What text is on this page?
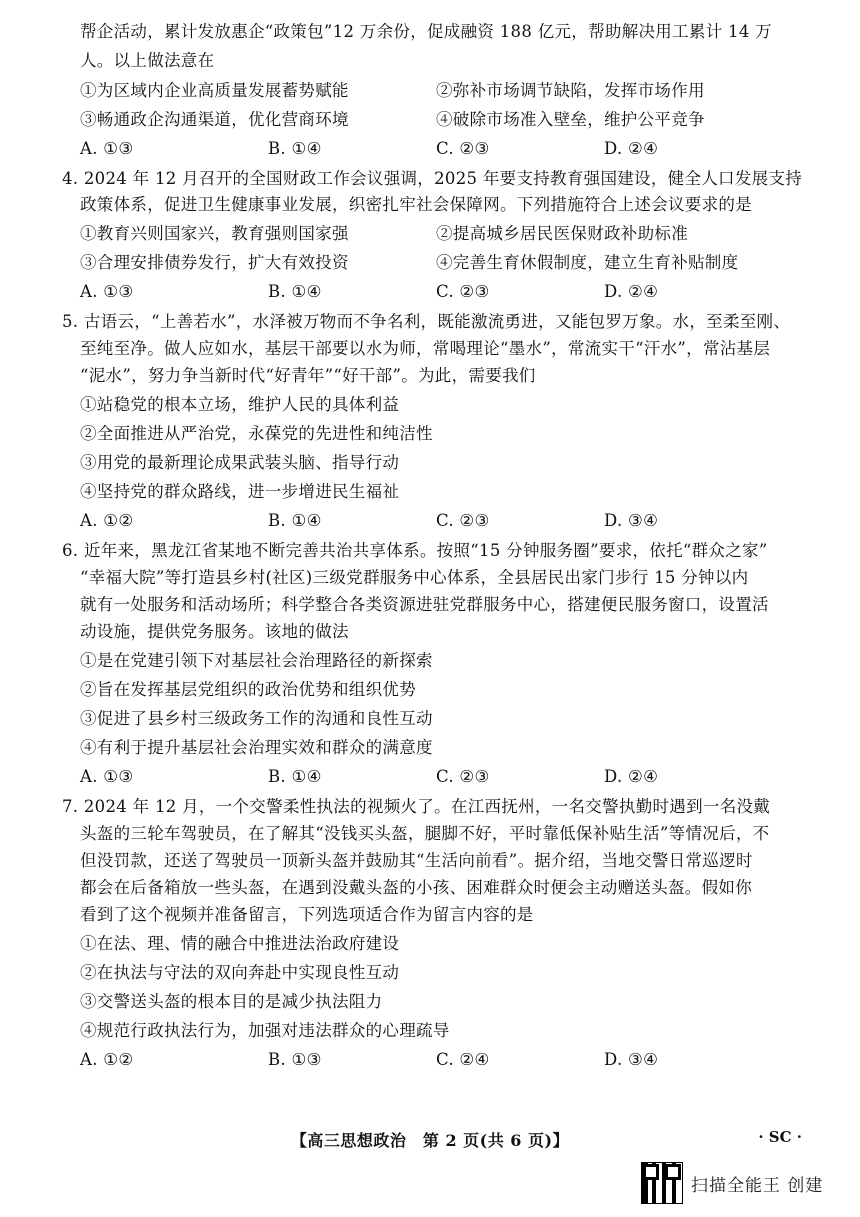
帮企活动，累计发放惠企“政策包”12 万余份，促成融资 188 亿元，帮助解决用工累计 14 万
人。以上做法意在
①为区域内企业高质量发展蓄势赋能	②弥补市场调节缺陷，发挥市场作用
③畅通政企沟通渠道，优化营商环境	④破除市场准入壁垒，维护公平竞争
A. ①③	B. ①④	C. ②③	D. ②④
4. 2024 年 12 月召开的全国财政工作会议强调，2025 年要支持教育强国建设，健全人口发展支持
政策体系，促进卫生健康事业发展，织密扎牢社会保障网。下列措施符合上述会议要求的是
①教育兴则国家兴，教育强则国家强	②提高城乡居民医保财政补助标准
③合理安排债券发行，扩大有效投资	④完善生育休假制度，建立生育补贴制度
A. ①③	B. ①④	C. ②③	D. ②④
5. 古语云，“上善若水”，水泽被万物而不争名利，既能激流勇进，又能包罗万象。水，至柔至刚、
至纯至净。做人应如水，基层干部要以水为师，常喝理论“墨水”，常流实干“汗水”，常沾基层
“泥水”，努力争当新时代“好青年”“好干部”。为此，需要我们
①站稳党的根本立场，维护人民的具体利益
②全面推进从严治党，永葆党的先进性和纯洁性
③用党的最新理论成果武装头脑、指导行动
④坚持党的群众路线，进一步增进民生福祉
A. ①②	B. ①④	C. ②③	D. ③④
6. 近年来，黑龙江省某地不断完善共治共享体系。按照“15 分钟服务圈”要求，依托“群众之家”
“幸福大院”等打造县乡村(社区)三级党群服务中心体系，全县居民出家门步行 15 分钟以内
就有一处服务和活动场所；科学整合各类资源进驻党群服务中心，搭建便民服务窗口，设置活
动设施，提供党务服务。该地的做法
①是在党建引领下对基层社会治理路径的新探索
②旨在发挥基层党组织的政治优势和组织优势
③促进了县乡村三级政务工作的沟通和良性互动
④有利于提升基层社会治理实效和群众的满意度
A. ①③	B. ①④	C. ②③	D. ②④
7. 2024 年 12 月，一个交警柔性执法的视频火了。在江西抚州，一名交警执勤时遇到一名没戴
头盔的三轮车驾驶员，在了解其“没钱买头盔，腿脚不好，平时靠低保补贴生活”等情况后，不
但没罚款，还送了驾驶员一顶新头盔并鼓励其“生活向前看”。据介绍，当地交警日常巡逻时
都会在后备箱放一些头盔，在遇到没戴头盔的小孩、困难群众时便会主动赠送头盔。假如你
看到了这个视频并准备留言，下列选项适合作为留言内容的是
①在法、理、情的融合中推进法治政府建设
②在执法与守法的双向奔赴中实现良性互动
③交警送头盔的根本目的是减少执法阻力
④规范行政执法行为，加强对违法群众的心理疏导
A. ①②	B. ①③	C. ②④	D. ③④
【高三思想政治　第 2 页(共 6 页)】	· SC ·
扫描全能王 创建
